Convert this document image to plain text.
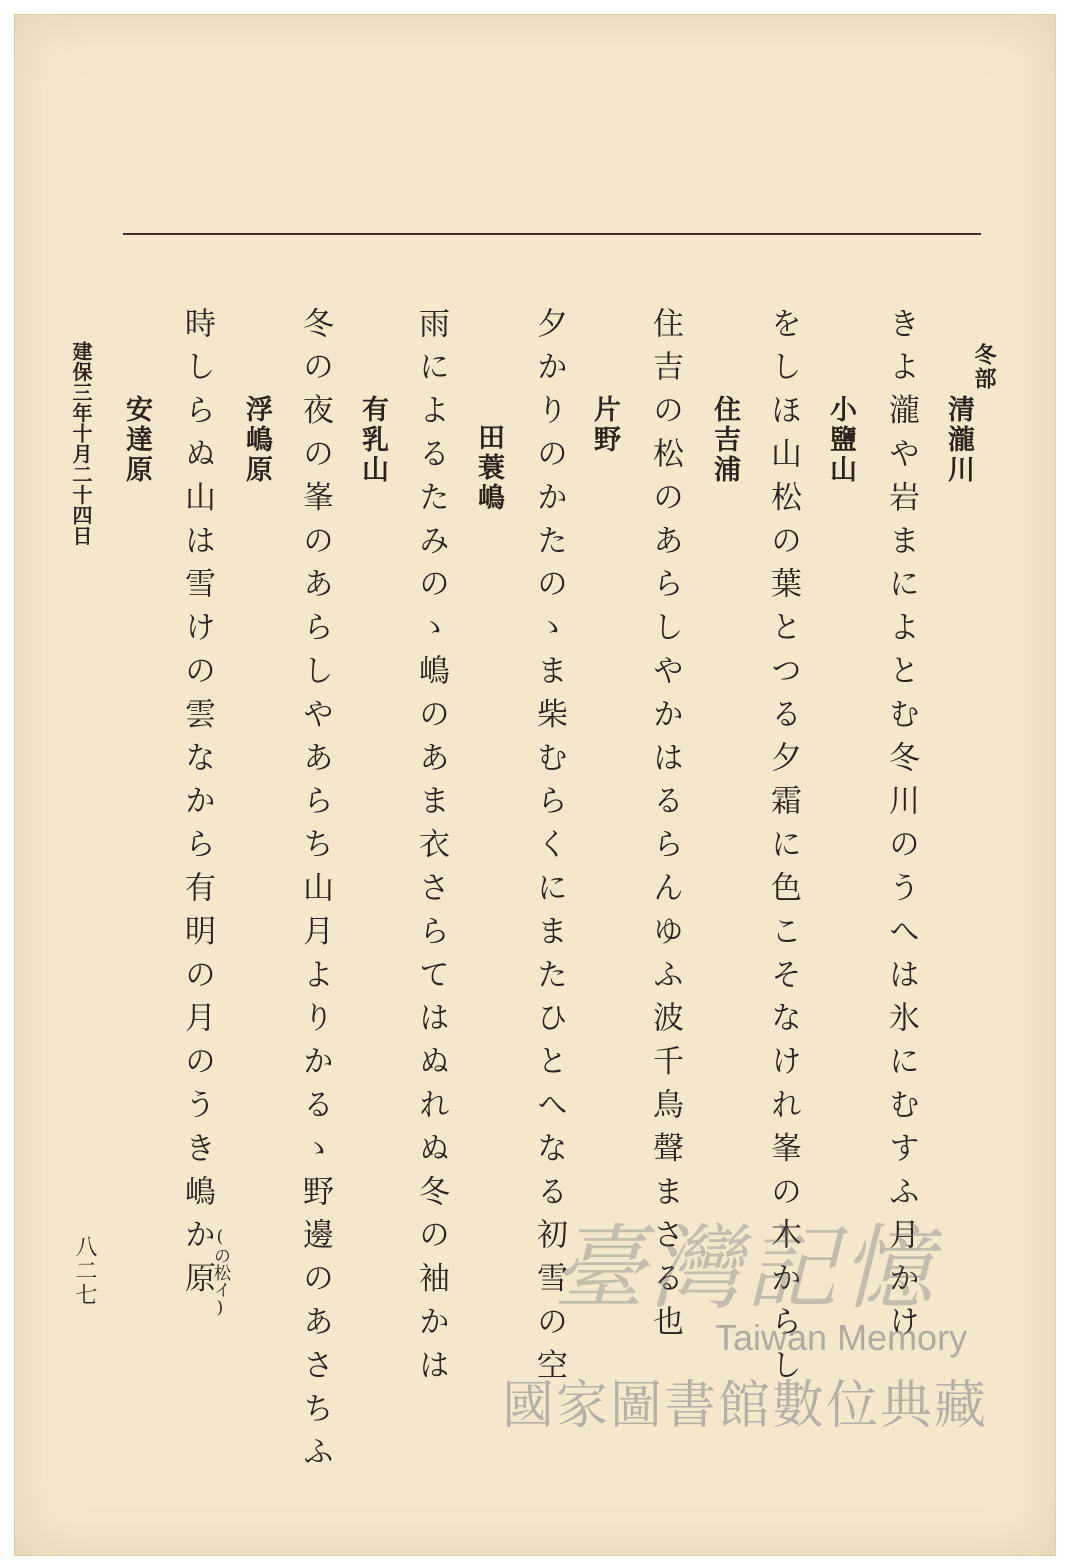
冬部
清瀧川
きよ瀧や岩まによとむ冬川のうへは氷にむすふ月かけ
小鹽山
をしほ山松の葉とつる夕霜に色こそなけれ峯の木からし
住吉浦
住吉の松のあらしやかはるらんゆふ波千鳥聲まさる也
片野
夕かりのかたのゝま柴むらくにまたひとへなる初雪の空
田蓑嶋
雨によるたみのゝ嶋のあま衣さらてはぬれぬ冬の袖かは
有乳山
冬の夜の峯のあらしやあらち山月よりかるゝ野邊のあさちふ
浮嶋原
時しらぬ山は雪けの雲なから有明の月のうき嶋か原
安達原
(の松イ)
建保三年十月二十四日
八二七	臺灣記憶
Taiwan Memory
國家圖書館數位典藏
